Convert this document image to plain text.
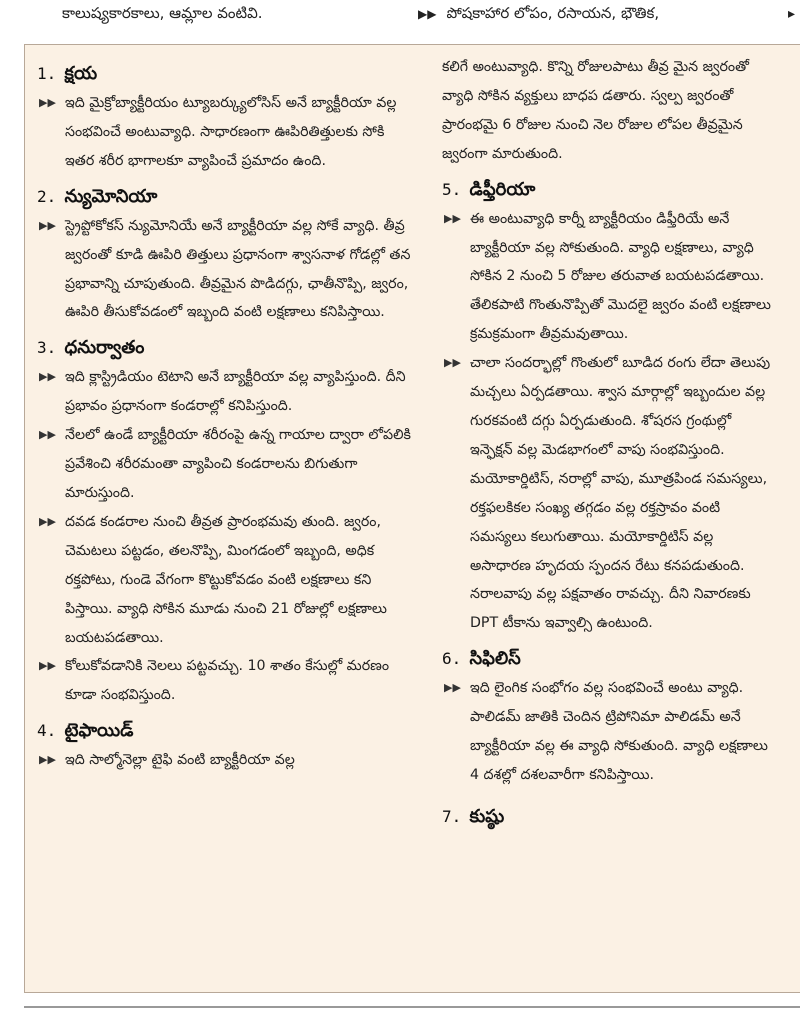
కాలుష్యకారకాలు, ఆమ్లాల వంటివి.	▶▶ పోషకాహార లోపం, రసాయన, భౌతిక,	▸
1. క్షయ

▶▶ ఇది మైక్రోబ్యాక్టీరియం ట్యూబర్క్యులోసిస్ అనే బ్యాక్టీరియా వల్ల సంభవించే అంటువ్యాధి. సాధారణంగా ఊపిరితిత్తులకు సోకి ఇతర శరీర భాగాలకూ వ్యాపించే ప్రమాదం ఉంది.

2. న్యుమోనియా

▶▶ స్ట్రెప్టోకోకస్ న్యుమోనియే అనే బ్యాక్టీరియా వల్ల సోకే వ్యాధి. తీవ్ర జ్వరంతో కూడి ఊపిరి తిత్తులు ప్రధానంగా శ్వాసనాళ గోడల్లో తన ప్రభావాన్ని చూపుతుంది. తీవ్రమైన పొడిదగ్గు, ఛాతీనొప్పి, జ్వరం, ఊపిరి తీసుకోవడంలో ఇబ్బంది వంటి లక్షణాలు కనిపిస్తాయి.

3. ధనుర్వాతం

▶▶ ఇది క్లాస్ట్రిడియం టెటాని అనే బ్యాక్టీరియా వల్ల వ్యాపిస్తుంది. దీని ప్రభావం ప్రధానంగా కండరాల్లో కనిపిస్తుంది.

▶▶ నేలలో ఉండే బ్యాక్టీరియా శరీరంపై ఉన్న గాయాల ద్వారా లోపలికి ప్రవేశించి శరీరమంతా వ్యాపించి కండరాలను బిగుతుగా మారుస్తుంది.

▶▶ దవడ కండరాల నుంచి తీవ్రత ప్రారంభమవు తుంది. జ్వరం, చెమటలు పట్టడం, తలనొప్పి, మింగడంలో ఇబ్బంది, అధిక రక్తపోటు, గుండె వేగంగా కొట్టుకోవడం వంటి లక్షణాలు కని పిస్తాయి. వ్యాధి సోకిన మూడు నుంచి 21 రోజుల్లో లక్షణాలు బయటపడతాయి.

▶▶ కోలుకోవడానికి నెలలు పట్టవచ్చు. 10 శాతం కేసుల్లో మరణం కూడా సంభవిస్తుంది.

4. టైఫాయిడ్

▶▶ ఇది సాల్మోనెల్లా టైఫి వంటి బ్యాక్టీరియా వల్ల

కలిగే అంటువ్యాధి. కొన్ని రోజులపాటు తీవ్ర మైన జ్వరంతో వ్యాధి సోకిన వ్యక్తులు బాధప డతారు. స్వల్ప జ్వరంతో ప్రారంభమై 6 రోజుల నుంచి నెల రోజుల లోపల తీవ్రమైన జ్వరంగా మారుతుంది.

5. డిఫ్తీరియా

▶▶ ఈ అంటువ్యాధి కార్నీ బ్యాక్టీరియం డిఫ్తీరియే అనే బ్యాక్టీరియా వల్ల సోకుతుంది. వ్యాధి లక్షణాలు, వ్యాధి సోకిన 2 నుంచి 5 రోజుల తరువాత బయటపడతాయి. తేలికపాటి గొంతునొప్పితో మొదలై జ్వరం వంటి లక్షణాలు క్రమక్రమంగా తీవ్రమవుతాయి.

▶▶ చాలా సందర్భాల్లో గొంతులో బూడిద రంగు లేదా తెలుపు మచ్చలు ఏర్పడతాయి. శ్వాస మార్గాల్లో ఇబ్బందుల వల్ల గురకవంటి దగ్గు ఏర్పడుతుంది. శోషరస గ్రంథుల్లో ఇన్ఫెక్షన్ వల్ల మెడభాగంలో వాపు సంభవిస్తుంది. మయోకార్డిటిస్, నరాల్లో వాపు, మూత్రపిండ సమస్యలు, రక్తఫలకికల సంఖ్య తగ్గడం వల్ల రక్తస్రావం వంటి సమస్యలు కలుగుతాయి. మయోకార్డిటిస్ వల్ల అసాధారణ హృదయ స్పందన రేటు కనపడుతుంది. నరాలవాపు వల్ల పక్షవాతం రావచ్చు. దీని నివారణకు DPT టీకాను ఇవ్వాల్సి ఉంటుంది.

6. సిఫిలిస్

▶▶ ఇది లైంగిక సంభోగం వల్ల సంభవించే అంటు వ్యాధి. పాలిడమ్ జాతికి చెందిన ట్రిపోనిమా పాలిడమ్ అనే బ్యాక్టీరియా వల్ల ఈ వ్యాధి సోకుతుంది. వ్యాధి లక్షణాలు 4 దశల్లో దశలవారీగా కనిపిస్తాయి.

7. కుష్ఠు
